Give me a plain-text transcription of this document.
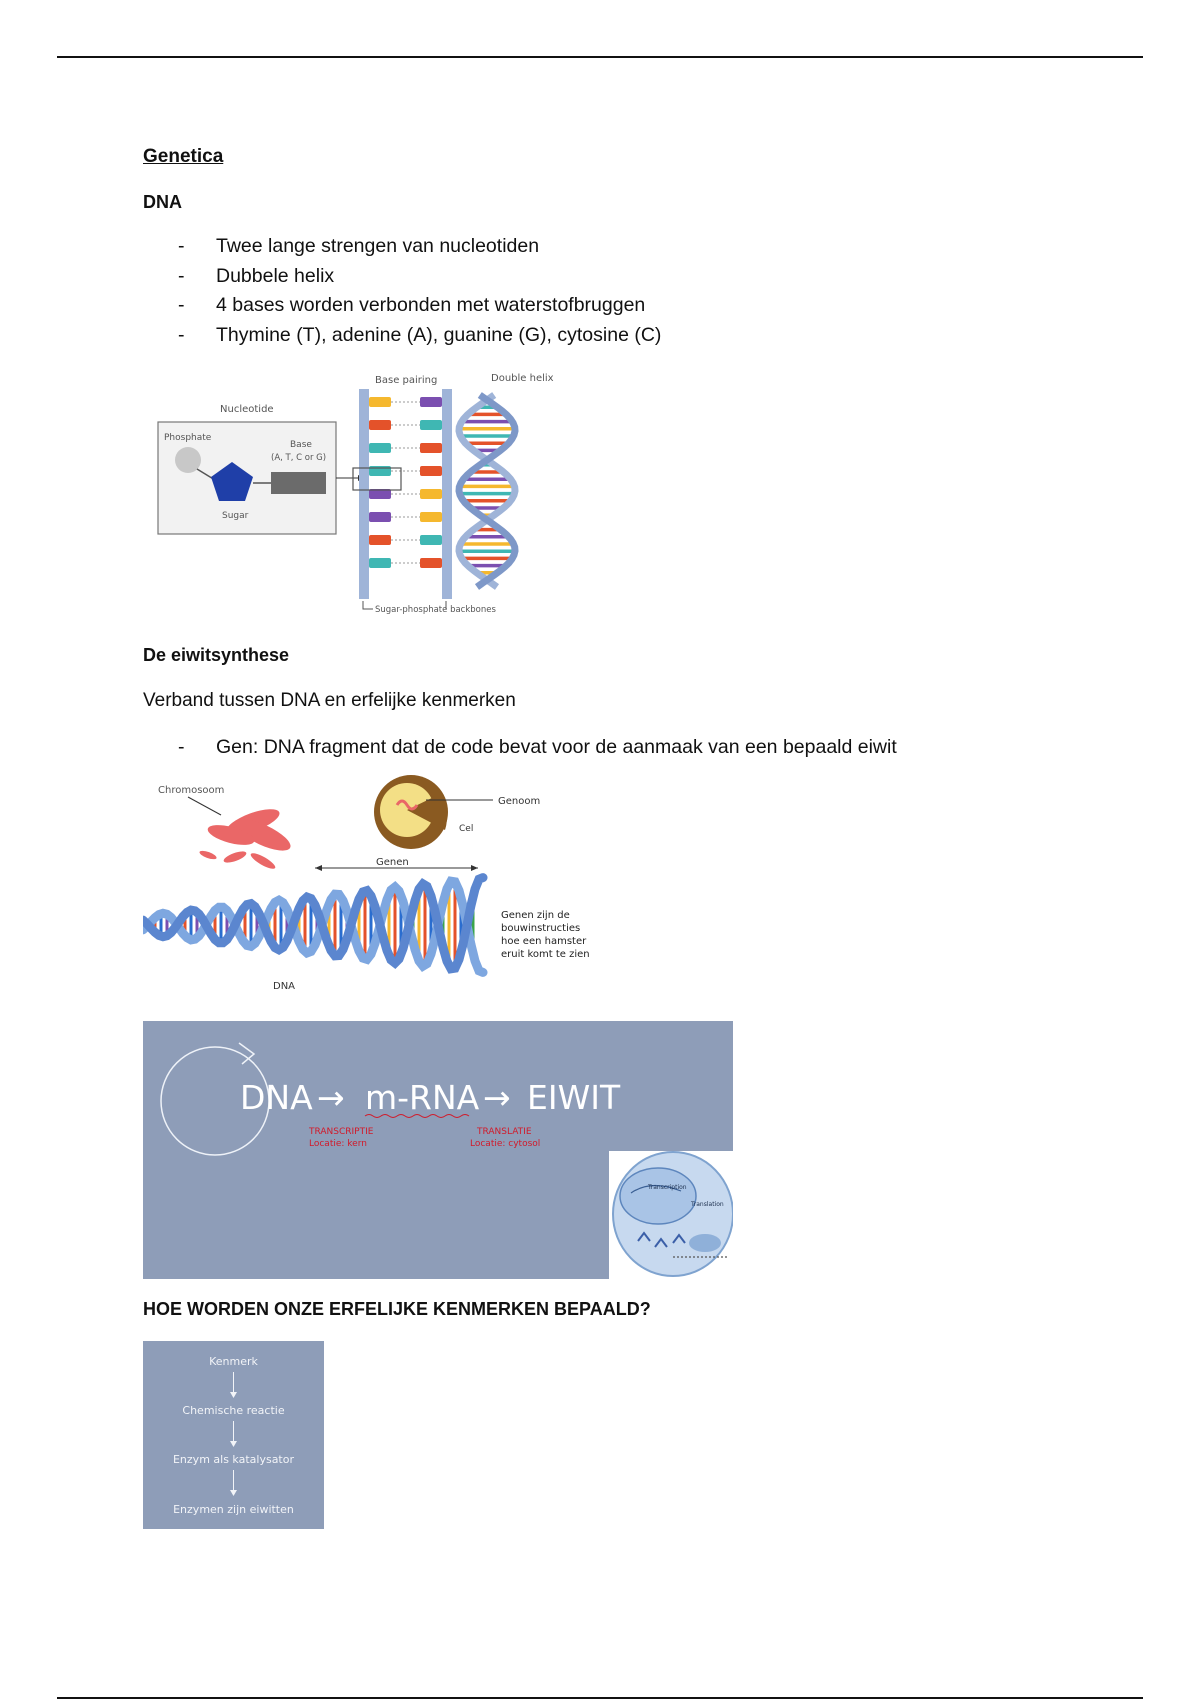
Genetica
DNA
- Twee lange strengen van nucleotiden
- Dubbele helix
- 4 bases worden verbonden met waterstofbruggen
- Thymine (T), adenine (A), guanine (G), cytosine (C)
Nucleotide
Phosphate
Base
(A, T, C or G)
Sugar
Base pairing	Double helix
Sugar-phosphate backbones
De eiwitsynthese
Verband tussen DNA en erfelijke kenmerken
- Gen: DNA fragment dat de code bevat voor de aanmaak van een bepaald eiwit
Chromosoom
Genoom
Cel
Genen
DNA
Genen zijn de
bouwinstructies
hoe een hamster
eruit komt te zien
DNA → m-RNA → EIWIT
TRANSCRIPTIE
Locatie: kern
TRANSLATIE
Locatie: cytosol
Transcription
Translation
HOE WORDEN ONZE ERFELIJKE KENMERKEN BEPAALD?
Kenmerk
Chemische reactie
Enzym als katalysator
Enzymen zijn eiwitten
